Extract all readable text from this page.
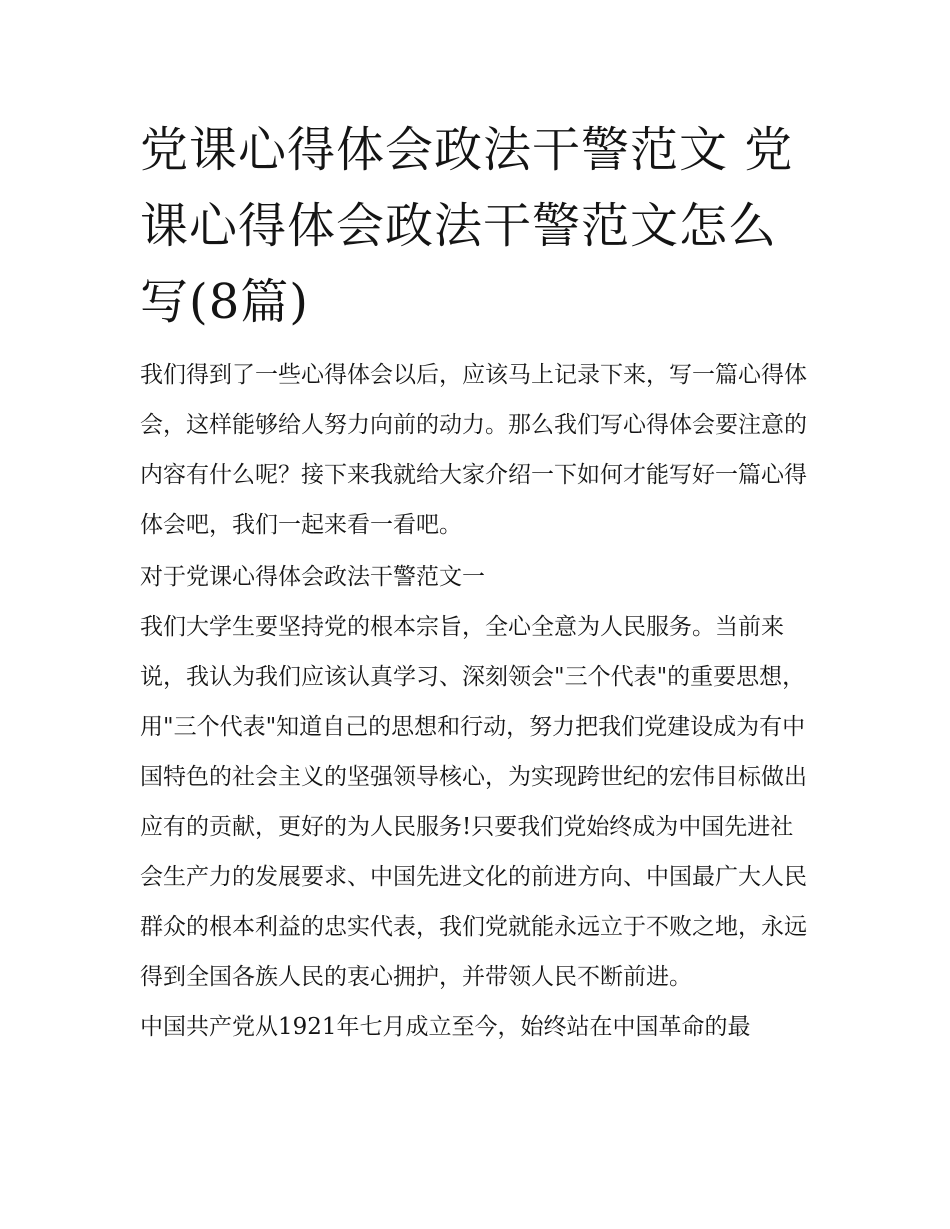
党课心得体会政法干警范文 党课心得体会政法干警范文怎么写(8篇)

我们得到了一些心得体会以后，应该马上记录下来，写一篇心得体会，这样能够给人努力向前的动力。那么我们写心得体会要注意的内容有什么呢？接下来我就给大家介绍一下如何才能写好一篇心得体会吧，我们一起来看一看吧。

对于党课心得体会政法干警范文一

我们大学生要坚持党的根本宗旨，全心全意为人民服务。当前来说，我认为我们应该认真学习、深刻领会"三个代表"的重要思想，用"三个代表"知道自己的思想和行动，努力把我们党建设成为有中国特色的社会主义的坚强领导核心，为实现跨世纪的宏伟目标做出应有的贡献，更好的为人民服务!只要我们党始终成为中国先进社会生产力的发展要求、中国先进文化的前进方向、中国最广大人民群众的根本利益的忠实代表，我们党就能永远立于不败之地，永远得到全国各族人民的衷心拥护，并带领人民不断前进。

中国共产党从1921年七月成立至今，始终站在中国革命的最
